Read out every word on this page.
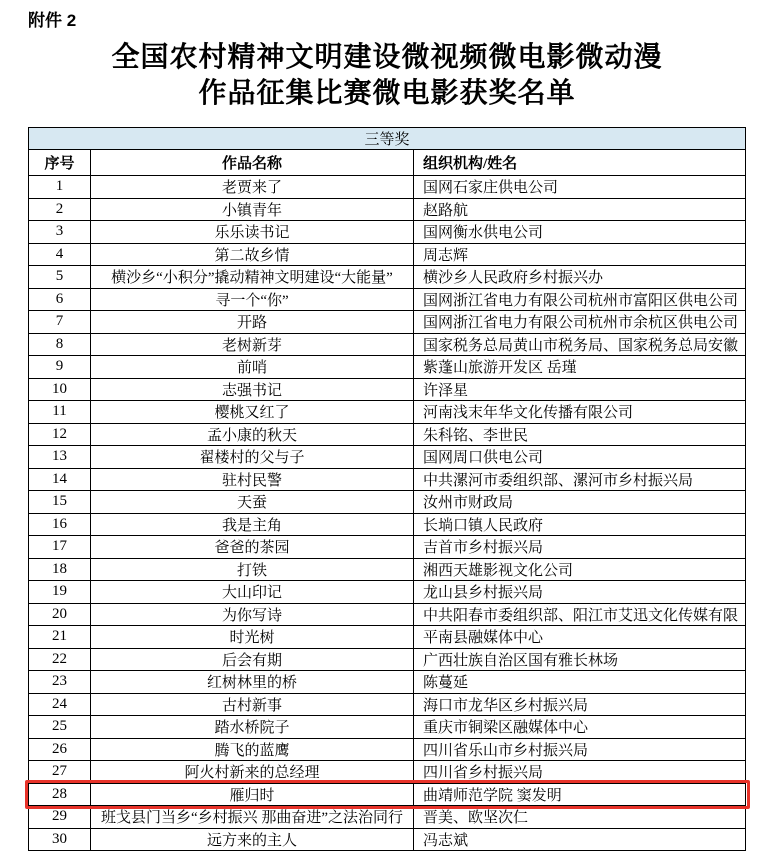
附件 2
全国农村精神文明建设微视频微电影微动漫
作品征集比赛微电影获奖名单
三等奖		
序号	作品名称	组织机构/姓名
1	老贾来了	国网石家庄供电公司
2	小镇青年	赵路航
3	乐乐读书记	国网衡水供电公司
4	第二故乡情	周志辉
5	横沙乡“小积分”撬动精神文明建设“大能量”	横沙乡人民政府乡村振兴办
6	寻一个“你”	国网浙江省电力有限公司杭州市富阳区供电公司
7	开路	国网浙江省电力有限公司杭州市余杭区供电公司
8	老树新芽	国家税务总局黄山市税务局、国家税务总局安徽
9	前哨	紫蓬山旅游开发区 岳瑾
10	志强书记	许泽星
11	樱桃又红了	河南浅末年华文化传播有限公司
12	孟小康的秋天	朱科铭、李世民
13	翟楼村的父与子	国网周口供电公司
14	驻村民警	中共漯河市委组织部、漯河市乡村振兴局
15	天蚕	汝州市财政局
16	我是主角	长埫口镇人民政府
17	爸爸的茶园	吉首市乡村振兴局
18	打铁	湘西天雄影视文化公司
19	大山印记	龙山县乡村振兴局
20	为你写诗	中共阳春市委组织部、阳江市艾迅文化传媒有限
21	时光树	平南县融媒体中心
22	后会有期	广西壮族自治区国有雅长林场
23	红树林里的桥	陈蔓延
24	古村新事	海口市龙华区乡村振兴局
25	踏水桥院子	重庆市铜梁区融媒体中心
26	腾飞的蓝鹰	四川省乐山市乡村振兴局
27	阿火村新来的总经理	四川省乡村振兴局
28	雁归时	曲靖师范学院 窦发明
29	班戈县门当乡“乡村振兴 那曲奋进”之法治同行	晋美、欧坚次仁
30	远方来的主人	冯志斌
